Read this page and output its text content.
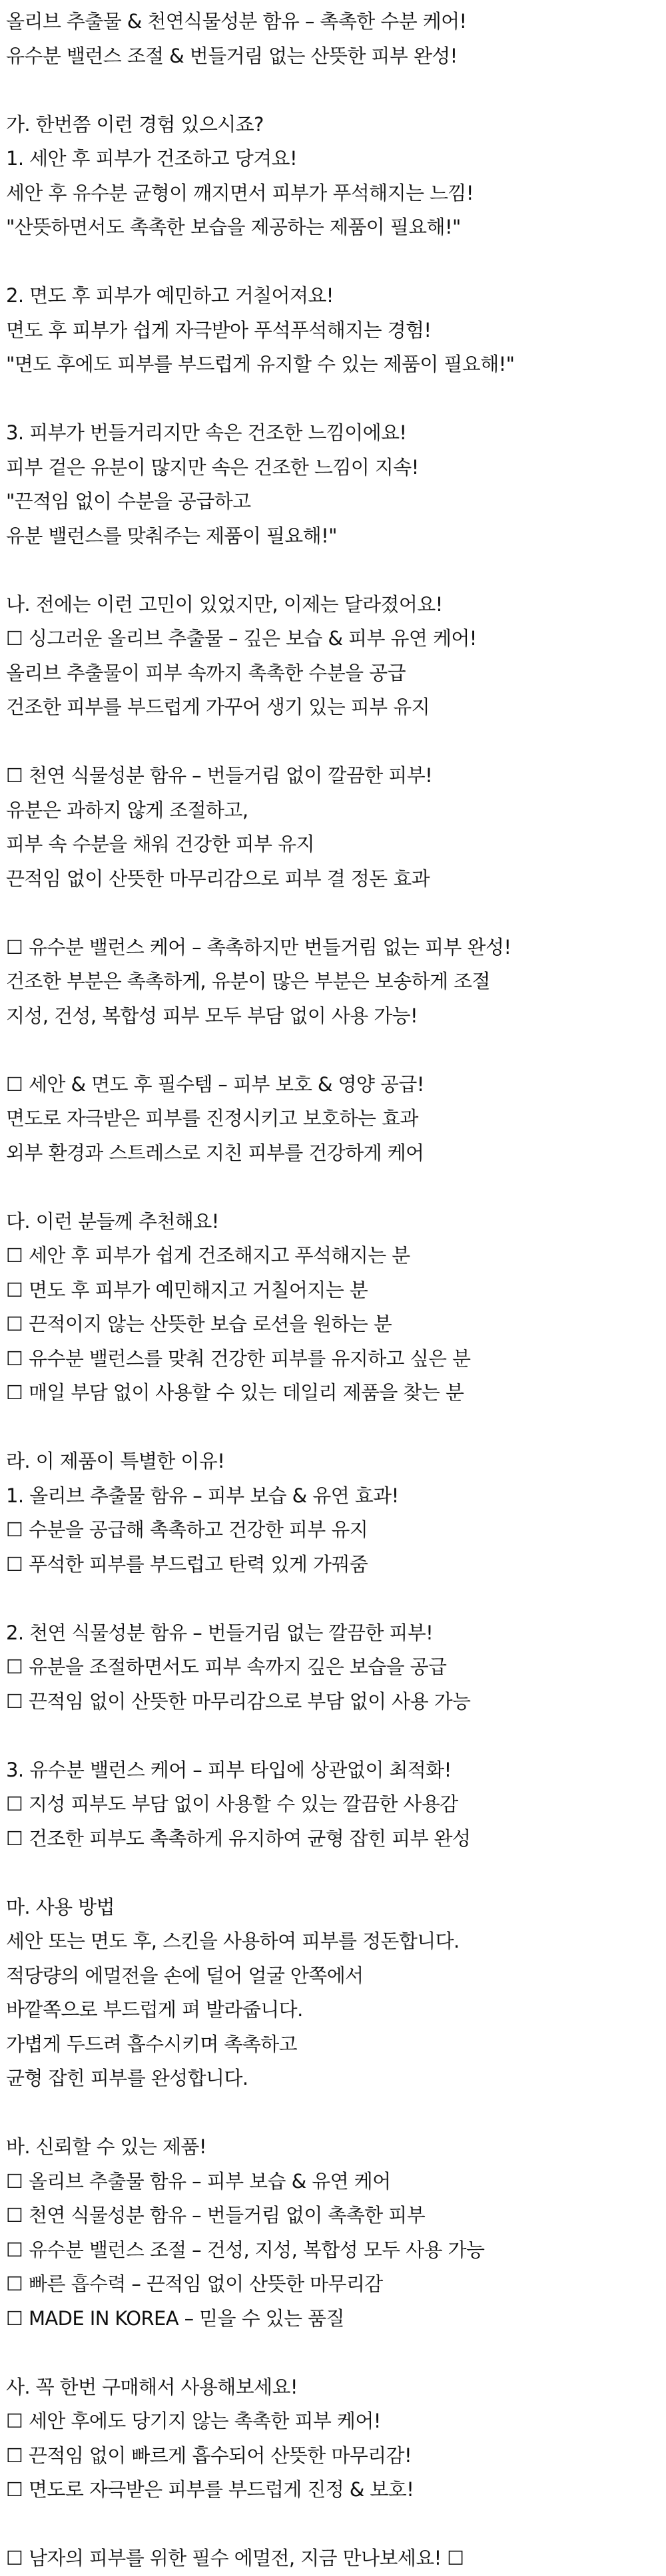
올리브 추출물 & 천연식물성분 함유 – 촉촉한 수분 케어!
유수분 밸런스 조절 & 번들거림 없는 산뜻한 피부 완성!
가. 한번쯤 이런 경험 있으시죠?
1. 세안 후 피부가 건조하고 당겨요!
세안 후 유수분 균형이 깨지면서 피부가 푸석해지는 느낌!
"산뜻하면서도 촉촉한 보습을 제공하는 제품이 필요해!"
2. 면도 후 피부가 예민하고 거칠어져요!
면도 후 피부가 쉽게 자극받아 푸석푸석해지는 경험!
"면도 후에도 피부를 부드럽게 유지할 수 있는 제품이 필요해!"
3. 피부가 번들거리지만 속은 건조한 느낌이에요!
피부 겉은 유분이 많지만 속은 건조한 느낌이 지속!
"끈적임 없이 수분을 공급하고
유분 밸런스를 맞춰주는 제품이 필요해!"
나. 전에는 이런 고민이 있었지만, 이제는 달라졌어요!
☐ 싱그러운 올리브 추출물 – 깊은 보습 & 피부 유연 케어!
올리브 추출물이 피부 속까지 촉촉한 수분을 공급
건조한 피부를 부드럽게 가꾸어 생기 있는 피부 유지
☐ 천연 식물성분 함유 – 번들거림 없이 깔끔한 피부!
유분은 과하지 않게 조절하고,
피부 속 수분을 채워 건강한 피부 유지
끈적임 없이 산뜻한 마무리감으로 피부 결 정돈 효과
☐ 유수분 밸런스 케어 – 촉촉하지만 번들거림 없는 피부 완성!
건조한 부분은 촉촉하게, 유분이 많은 부분은 보송하게 조절
지성, 건성, 복합성 피부 모두 부담 없이 사용 가능!
☐ 세안 & 면도 후 필수템 – 피부 보호 & 영양 공급!
면도로 자극받은 피부를 진정시키고 보호하는 효과
외부 환경과 스트레스로 지친 피부를 건강하게 케어
다. 이런 분들께 추천해요!
☐ 세안 후 피부가 쉽게 건조해지고 푸석해지는 분
☐ 면도 후 피부가 예민해지고 거칠어지는 분
☐ 끈적이지 않는 산뜻한 보습 로션을 원하는 분
☐ 유수분 밸런스를 맞춰 건강한 피부를 유지하고 싶은 분
☐ 매일 부담 없이 사용할 수 있는 데일리 제품을 찾는 분
라. 이 제품이 특별한 이유!
1. 올리브 추출물 함유 – 피부 보습 & 유연 효과!
☐ 수분을 공급해 촉촉하고 건강한 피부 유지
☐ 푸석한 피부를 부드럽고 탄력 있게 가꿔줌
2. 천연 식물성분 함유 – 번들거림 없는 깔끔한 피부!
☐ 유분을 조절하면서도 피부 속까지 깊은 보습을 공급
☐ 끈적임 없이 산뜻한 마무리감으로 부담 없이 사용 가능
3. 유수분 밸런스 케어 – 피부 타입에 상관없이 최적화!
☐ 지성 피부도 부담 없이 사용할 수 있는 깔끔한 사용감
☐ 건조한 피부도 촉촉하게 유지하여 균형 잡힌 피부 완성
마. 사용 방법
세안 또는 면도 후, 스킨을 사용하여 피부를 정돈합니다.
적당량의 에멀전을 손에 덜어 얼굴 안쪽에서
바깥쪽으로 부드럽게 펴 발라줍니다.
가볍게 두드려 흡수시키며 촉촉하고
균형 잡힌 피부를 완성합니다.
바. 신뢰할 수 있는 제품!
☐ 올리브 추출물 함유 – 피부 보습 & 유연 케어
☐ 천연 식물성분 함유 – 번들거림 없이 촉촉한 피부
☐ 유수분 밸런스 조절 – 건성, 지성, 복합성 모두 사용 가능
☐ 빠른 흡수력 – 끈적임 없이 산뜻한 마무리감
☐ MADE IN KOREA – 믿을 수 있는 품질
사. 꼭 한번 구매해서 사용해보세요!
☐ 세안 후에도 당기지 않는 촉촉한 피부 케어!
☐ 끈적임 없이 빠르게 흡수되어 산뜻한 마무리감!
☐ 면도로 자극받은 피부를 부드럽게 진정 & 보호!
☐ 남자의 피부를 위한 필수 에멀전, 지금 만나보세요! ☐
